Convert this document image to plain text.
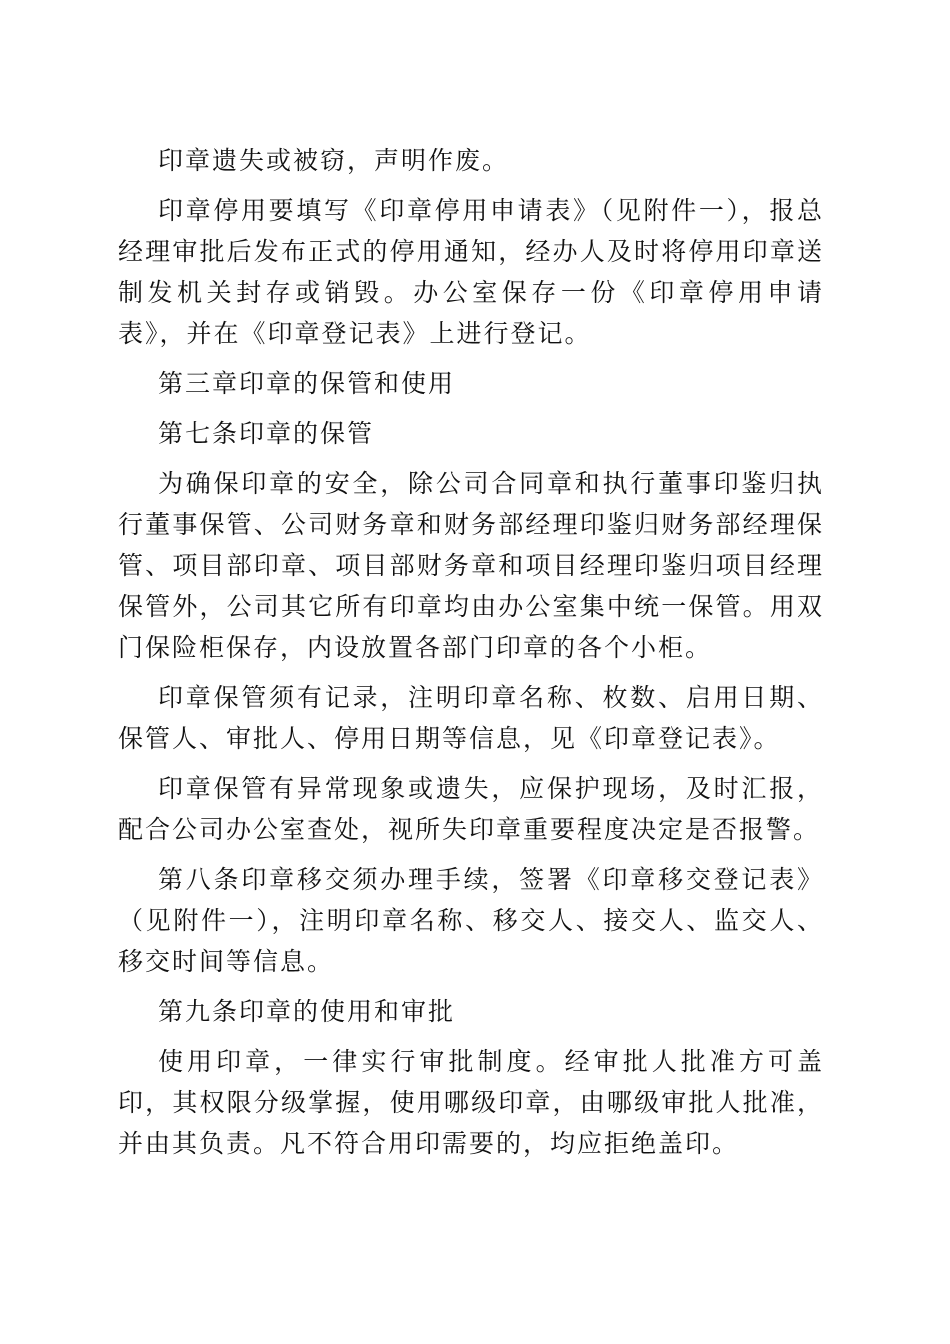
印章遗失或被窃，声明作废。

印章停用要填写《印章停用申请表》（见附件一），报总经理审批后发布正式的停用通知，经办人及时将停用印章送制发机关封存或销毁。办公室保存一份《印章停用申请表》，并在《印章登记表》上进行登记。

第三章印章的保管和使用

第七条印章的保管

为确保印章的安全，除公司合同章和执行董事印鉴归执行董事保管、公司财务章和财务部经理印鉴归财务部经理保管、项目部印章、项目部财务章和项目经理印鉴归项目经理保管外，公司其它所有印章均由办公室集中统一保管。用双门保险柜保存，内设放置各部门印章的各个小柜。

印章保管须有记录，注明印章名称、枚数、启用日期、保管人、审批人、停用日期等信息，见《印章登记表》。

印章保管有异常现象或遗失，应保护现场，及时汇报，配合公司办公室查处，视所失印章重要程度决定是否报警。

第八条印章移交须办理手续，签署《印章移交登记表》（见附件一），注明印章名称、移交人、接交人、监交人、移交时间等信息。

第九条印章的使用和审批

使用印章，一律实行审批制度。经审批人批准方可盖印，其权限分级掌握，使用哪级印章，由哪级审批人批准，并由其负责。凡不符合用印需要的，均应拒绝盖印。
